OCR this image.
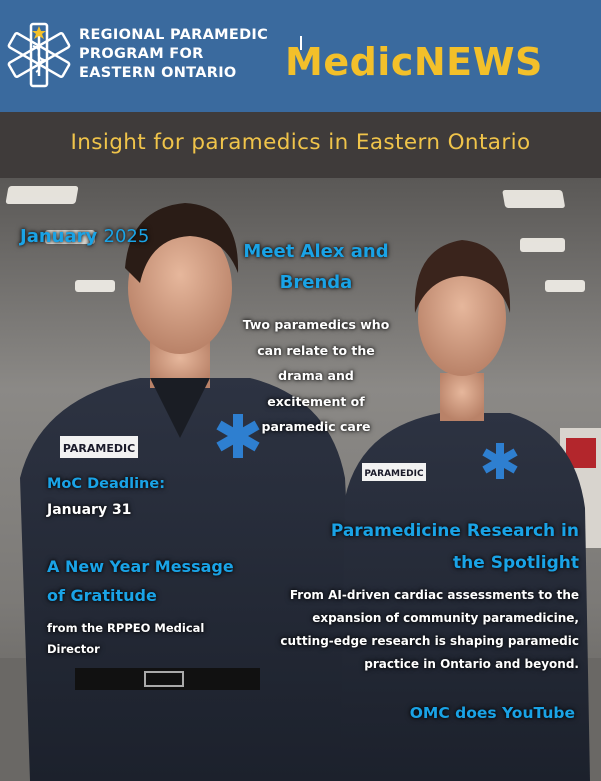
REGIONAL PARAMEDIC
PROGRAM FOR
EASTERN ONTARIO	MedicNEWS
Insight for paramedics in Eastern Ontario
PARAMEDIC
PARAMEDIC
January 2025
Meet Alex and
Brenda
Two paramedics who
can relate to the
drama and
excitement of
paramedic care
MoC Deadline:
January 31
A New Year Message
of Gratitude
from the RPPEO Medical
Director
Paramedicine Research in
the Spotlight
From AI-driven cardiac assessments to the
expansion of community paramedicine,
cutting-edge research is shaping paramedic
practice in Ontario and beyond.
OMC does YouTube
